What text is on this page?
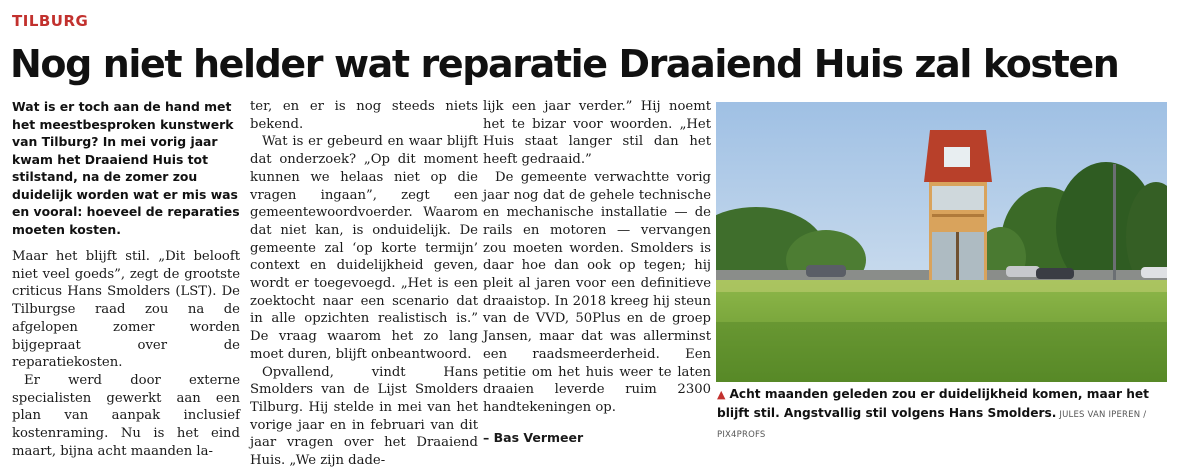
TILBURG
Nog niet helder wat reparatie Draaiend Huis zal kosten

Wat is er toch aan de hand met het meestbesproken kunstwerk van Tilburg? In mei vorig jaar kwam het Draaiend Huis tot stilstand, na de zomer zou duidelijk worden wat er mis was en vooral: hoeveel de reparaties moeten kosten.

Maar het blijft stil. „Dit belooft niet veel goeds”, zegt de grootste criticus Hans Smolders (LST). De Tilburgse raad zou na de afgelopen zomer worden bijgepraat over de reparatiekosten.

Er werd door externe specialisten gewerkt aan een plan van aanpak inclusief kostenraming. Nu is het eind maart, bijna acht maanden la-

ter, en er is nog steeds niets bekend.

Wat is er gebeurd en waar blijft dat onderzoek? „Op dit moment kunnen we helaas niet op die vragen ingaan”, zegt een gemeentewoordvoerder. Waarom dat niet kan, is onduidelijk. De gemeente zal ‘op korte termijn’ context en duidelijkheid geven, wordt er toegevoegd. „Het is een zoektocht naar een scenario dat in alle opzichten realistisch is.” De vraag waarom het zo lang moet duren, blijft onbeantwoord.

Opvallend, vindt Hans Smolders van de Lijst Smolders Tilburg. Hij stelde in mei van het vorige jaar en in februari van dit jaar vragen over het Draaiend Huis. „We zijn dade-

lijk een jaar verder.” Hij noemt het te bizar voor woorden. „Het Huis staat langer stil dan het heeft gedraaid.”

De gemeente verwachtte vorig jaar nog dat de gehele technische en mechanische installatie — de rails en motoren — vervangen zou moeten worden. Smolders is daar hoe dan ook op tegen; hij pleit al jaren voor een definitieve draaistop. In 2018 kreeg hij steun van de VVD, 50Plus en de groep Jansen, maar dat was allerminst een raadsmeerderheid. Een petitie om het huis weer te laten draaien leverde ruim 2300 handtekeningen op.

– Bas Vermeer

▲ Acht maanden geleden zou er duidelijkheid komen, maar het blijft stil. Angstvallig stil volgens Hans Smolders. JULES VAN IPEREN / PIX4PROFS
